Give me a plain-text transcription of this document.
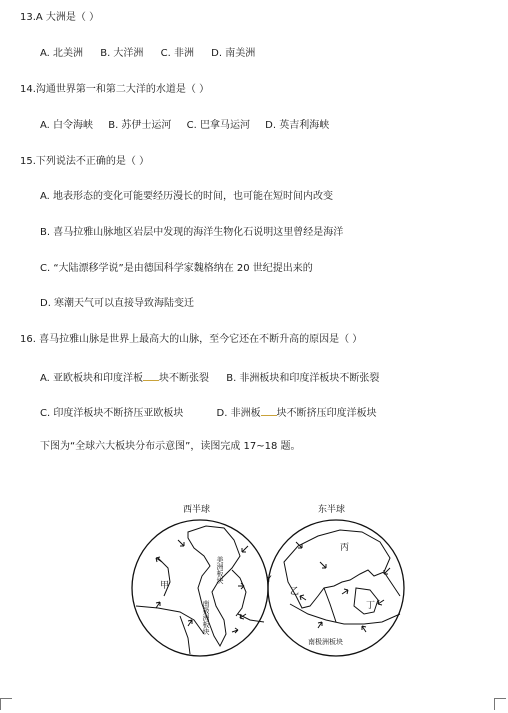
13.A 大洲是（ ）
A. 北美洲 B. 大洋洲 C. 非洲 D. 南美洲
14.沟通世界第一和第二大洋的水道是（ ）
A. 白令海峡 B. 苏伊士运河 C. 巴拿马运河 D. 英吉利海峡
15.下列说法不正确的是（ ）
A. 地表形态的变化可能要经历漫长的时间，也可能在短时间内改变
B. 喜马拉雅山脉地区岩层中发现的海洋生物化石说明这里曾经是海洋
C. “大陆漂移学说”是由德国科学家魏格纳在 20 世纪提出来的
D. 寒潮天气可以直接导致海陆变迁
16. 喜马拉雅山脉是世界上最高大的山脉，至今它还在不断升高的原因是（ ）
A. 亚欧板块和印度洋板 块不断张裂 B. 非洲板块和印度洋板块不断张裂
C. 印度洋板块不断挤压亚欧板块	D. 非洲板 块不断挤压印度洋板块
下图为“全球六大板块分布示意图”，读图完成 17~18 题。
西半球	东半球
甲
美洲板块
南极洲板块
Y
丙
乙
丁
南极洲板块
